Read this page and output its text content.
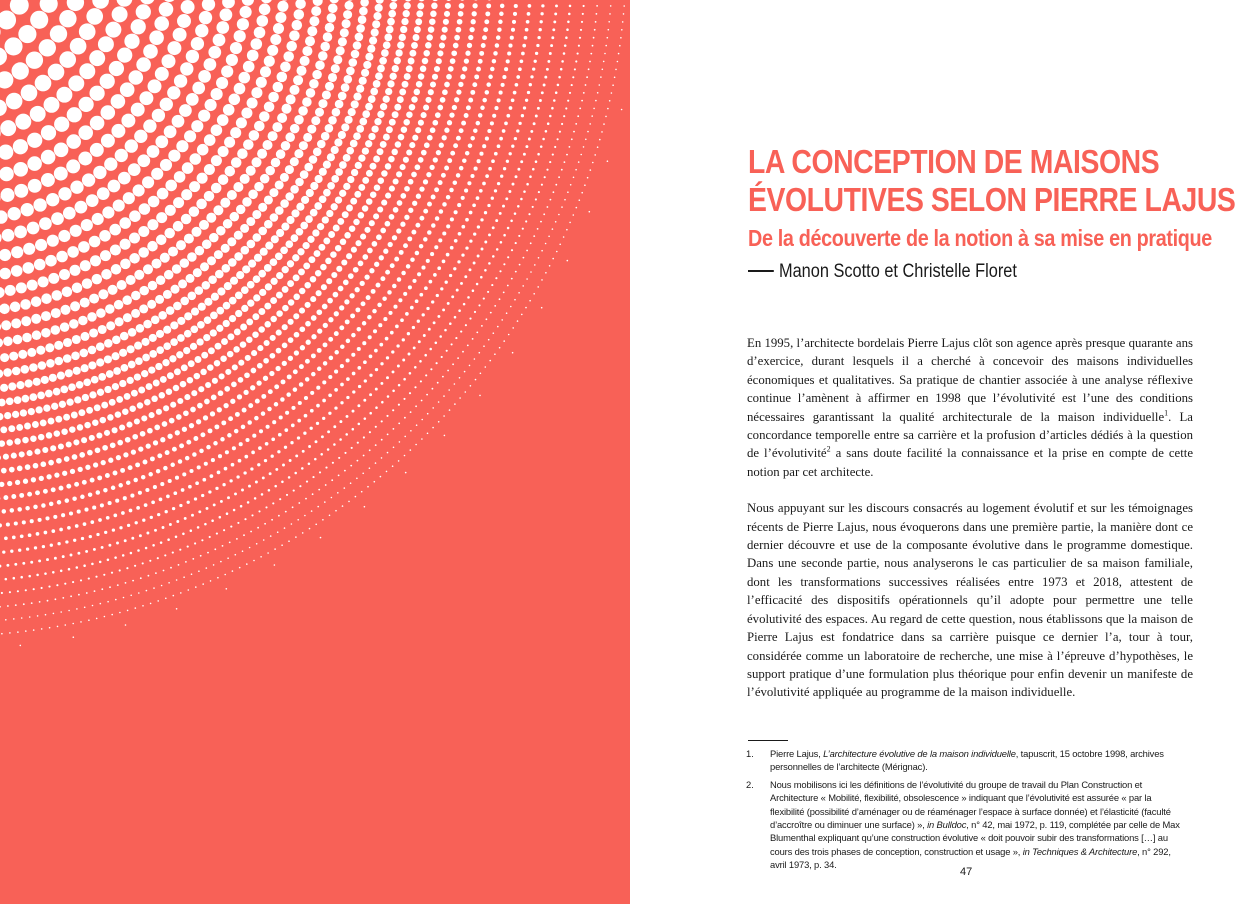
LA CONCEPTION DE MAISONS
ÉVOLUTIVES SELON PIERRE LAJUS
De la découverte de la notion à sa mise en pratique
Manon Scotto et Christelle Floret

En 1995, l’architecte bordelais Pierre Lajus clôt son agence après presque quarante ans d’exercice, durant lesquels il a cherché à concevoir des maisons individuelles économiques et qualitatives. Sa pratique de chantier associée à une analyse réflexive continue l’amènent à affirmer en 1998 que l’évolutivité est l’une des conditions nécessaires garantissant la qualité architecturale de la maison individuelle$^1$. La concordance temporelle entre sa carrière et la profusion d’articles dédiés à la question de l’évolutivité$^2$ a sans doute facilité la connaissance et la prise en compte de cette notion par cet architecte.

Nous appuyant sur les discours consacrés au logement évolutif et sur les témoignages récents de Pierre Lajus, nous évoquerons dans une première partie, la manière dont ce dernier découvre et use de la composante évolutive dans le programme domestique. Dans une seconde partie, nous analyserons le cas particulier de sa maison familiale, dont les transformations successives réalisées entre 1973 et 2018, attestent de l’efficacité des dispositifs opérationnels qu’il adopte pour permettre une telle évolutivité des espaces. Au regard de cette question, nous établissons que la maison de Pierre Lajus est fondatrice dans sa carrière puisque ce dernier l’a, tour à tour, considérée comme un laboratoire de recherche, une mise à l’épreuve d’hypothèses, le support pratique d’une formulation plus théorique pour enfin devenir un manifeste de l’évolutivité appliquée au programme de la maison individuelle.

1. Pierre Lajus, L’architecture évolutive de la maison individuelle, tapuscrit, 15 octobre 1998, archives personnelles de l’architecte (Mérignac).
2. Nous mobilisons ici les définitions de l’évolutivité du groupe de travail du Plan Construction et Architecture « Mobilité, flexibilité, obsolescence » indiquant que l’évolutivité est assurée « par la flexibilité (possibilité d’aménager ou de réaménager l’espace à surface donnée) et l’élasticité (faculté d’accroître ou diminuer une surface) », in Bulldoc, n° 42, mai 1972, p. 119, complétée par celle de Max Blumenthal expliquant qu’une construction évolutive « doit pouvoir subir des transformations […] au cours des trois phases de conception, construction et usage », in Techniques & Architecture, n° 292, avril 1973, p. 34.
47
